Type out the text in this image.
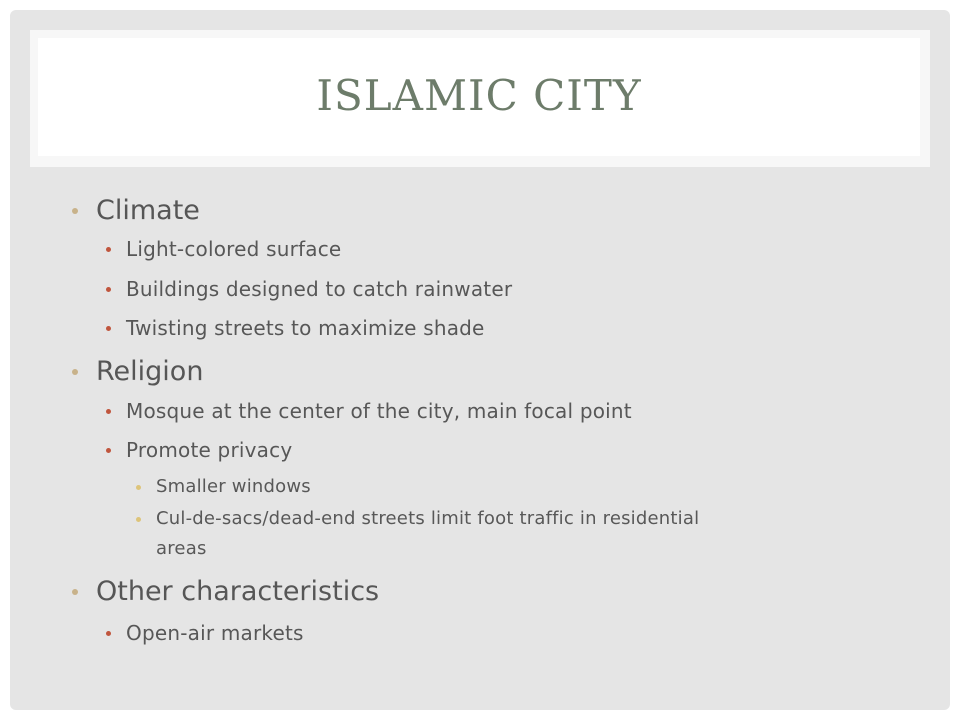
ISLAMIC CITY
Climate
Light-colored surface
Buildings designed to catch rainwater
Twisting streets to maximize shade
Religion
Mosque at the center of the city, main focal point
Promote privacy
Smaller windows
Cul-de-sacs/dead-end streets limit foot traffic in residential
areas
Other characteristics
Open-air markets
